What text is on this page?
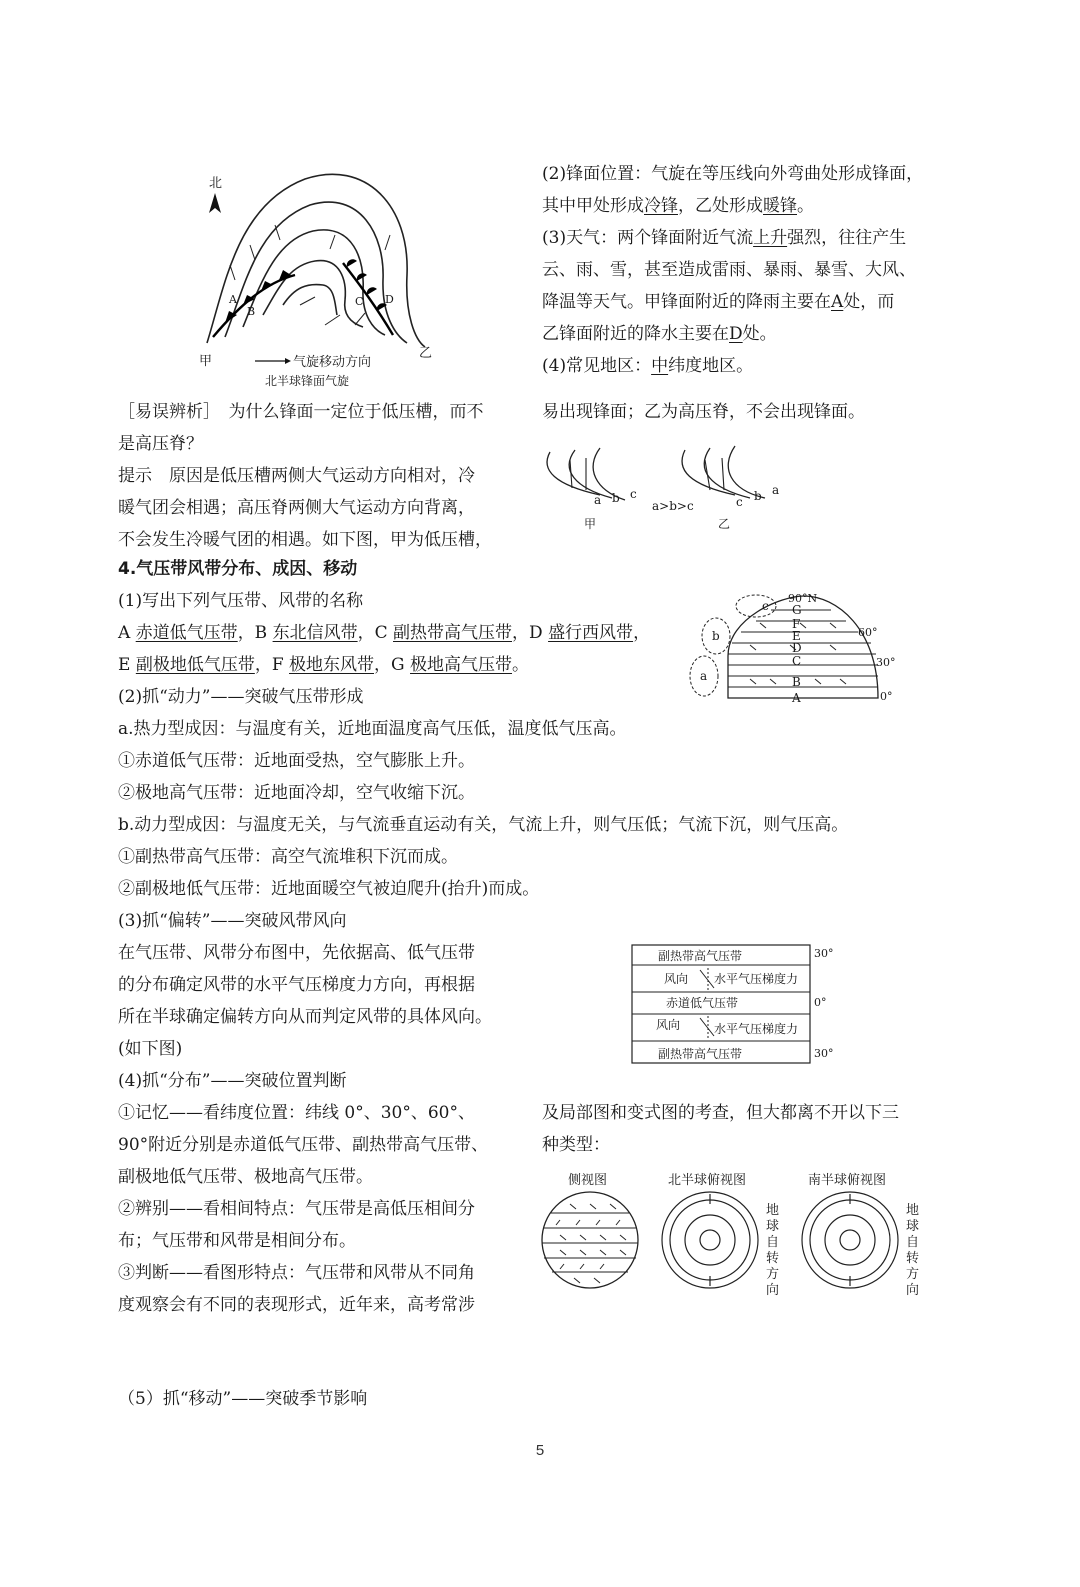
北
A
B
C D
甲
乙
气旋移动方向
北半球锋面气旋

(2)锋面位置：气旋在等压线向外弯曲处形成锋面，

其中甲处形成冷锋，乙处形成暖锋。

(3)天气：两个锋面附近气流上升强烈，往往产生

云、雨、雪，甚至造成雷雨、暴雨、暴雪、大风、

降温等天气。甲锋面附近的降雨主要在A处，而

乙锋面附近的降水主要在D处。

(4)常见地区：中纬度地区。

［易误辨析］　为什么锋面一定位于低压槽，而不

是高压脊？

提示　原因是低压槽两侧大气运动方向相对，冷

暖气团会相遇；高压脊两侧大气运动方向背离，

不会发生冷暖气团的相遇。如下图，甲为低压槽，

易出现锋面；乙为高压脊，不会出现锋面。

a b c
a>b>c	c b a
甲	乙

4.气压带风带分布、成因、移动

(1)写出下列气压带、风带的名称

A 赤道低气压带，B 东北信风带，C 副热带高气压带，D 盛行西风带，

E 副极地低气压带，F 极地东风带，G 极地高气压带。

(2)抓“动力”——突破气压带形成

a.热力型成因：与温度有关，近地面温度高气压低，温度低气压高。

①赤道低气压带：近地面受热，空气膨胀上升。

②极地高气压带：近地面冷却，空气收缩下沉。

b.动力型成因：与温度无关，与气流垂直运动有关，气流上升，则气压低；气流下沉，则气压高。

①副热带高气压带：高空气流堆积下沉而成。

②副极地低气压带：近地面暖空气被迫爬升(抬升)而成。

(3)抓“偏转”——突破风带风向

在气压带、风带分布图中，先依据高、低气压带

的分布确定风带的水平气压梯度力方向，再根据

所在半球确定偏转方向从而判定风带的具体风向。

(如下图)

(4)抓“分布”——突破位置判断

①记忆——看纬度位置：纬线 0°、30°、60°、

90°附近分别是赤道低气压带、副热带高气压带、

副极地低气压带、极地高气压带。

②辨别——看相间特点：气压带是高低压相间分

布；气压带和风带是相间分布。

③判断——看图形特点：气压带和风带从不同角

度观察会有不同的表现形式，近年来，高考常涉

及局部图和变式图的考查，但大都离不开以下三

种类型：

a
b
c
A
B
C
D
E
F
G
0°
30°
60°
90°N
副热带高气压带
风向 水平气压梯度力
赤道低气压带
风向	水平气压梯度力
副热带高气压带
30°
0°
30°
侧视图	北半球俯视图	南半球俯视图
地
球
自
转
方
向
地
球
自
转
方
向

（5）抓“移动”——突破季节影响

5
